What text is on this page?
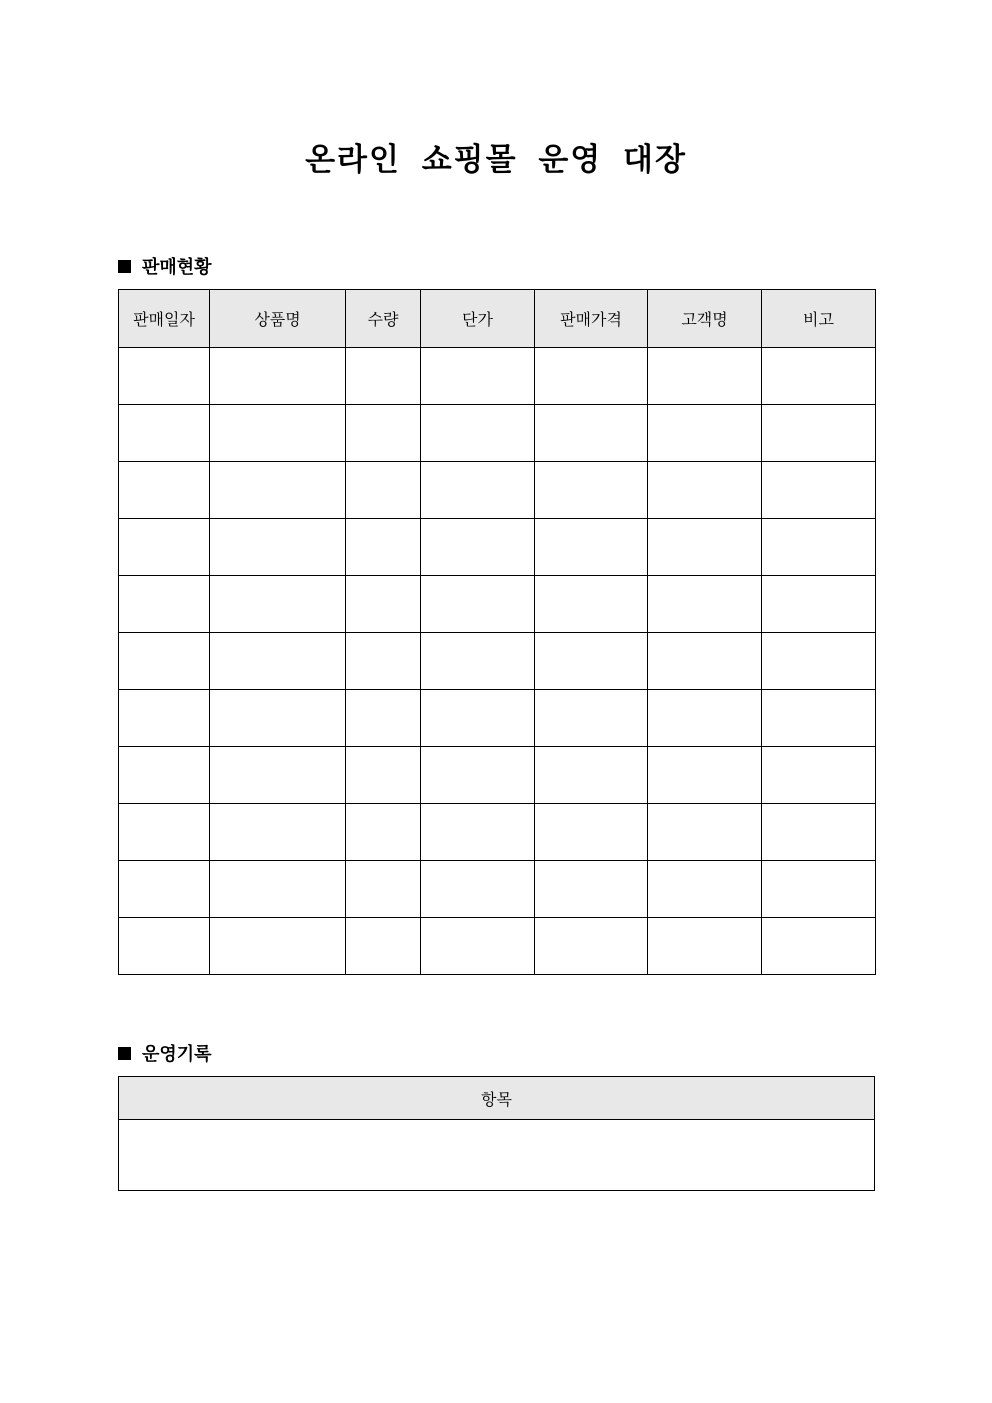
온라인 쇼핑몰 운영 대장
판매현황
판매일자	상품명	수량	단가	판매가격	고객명	비고

운영기록
항목
